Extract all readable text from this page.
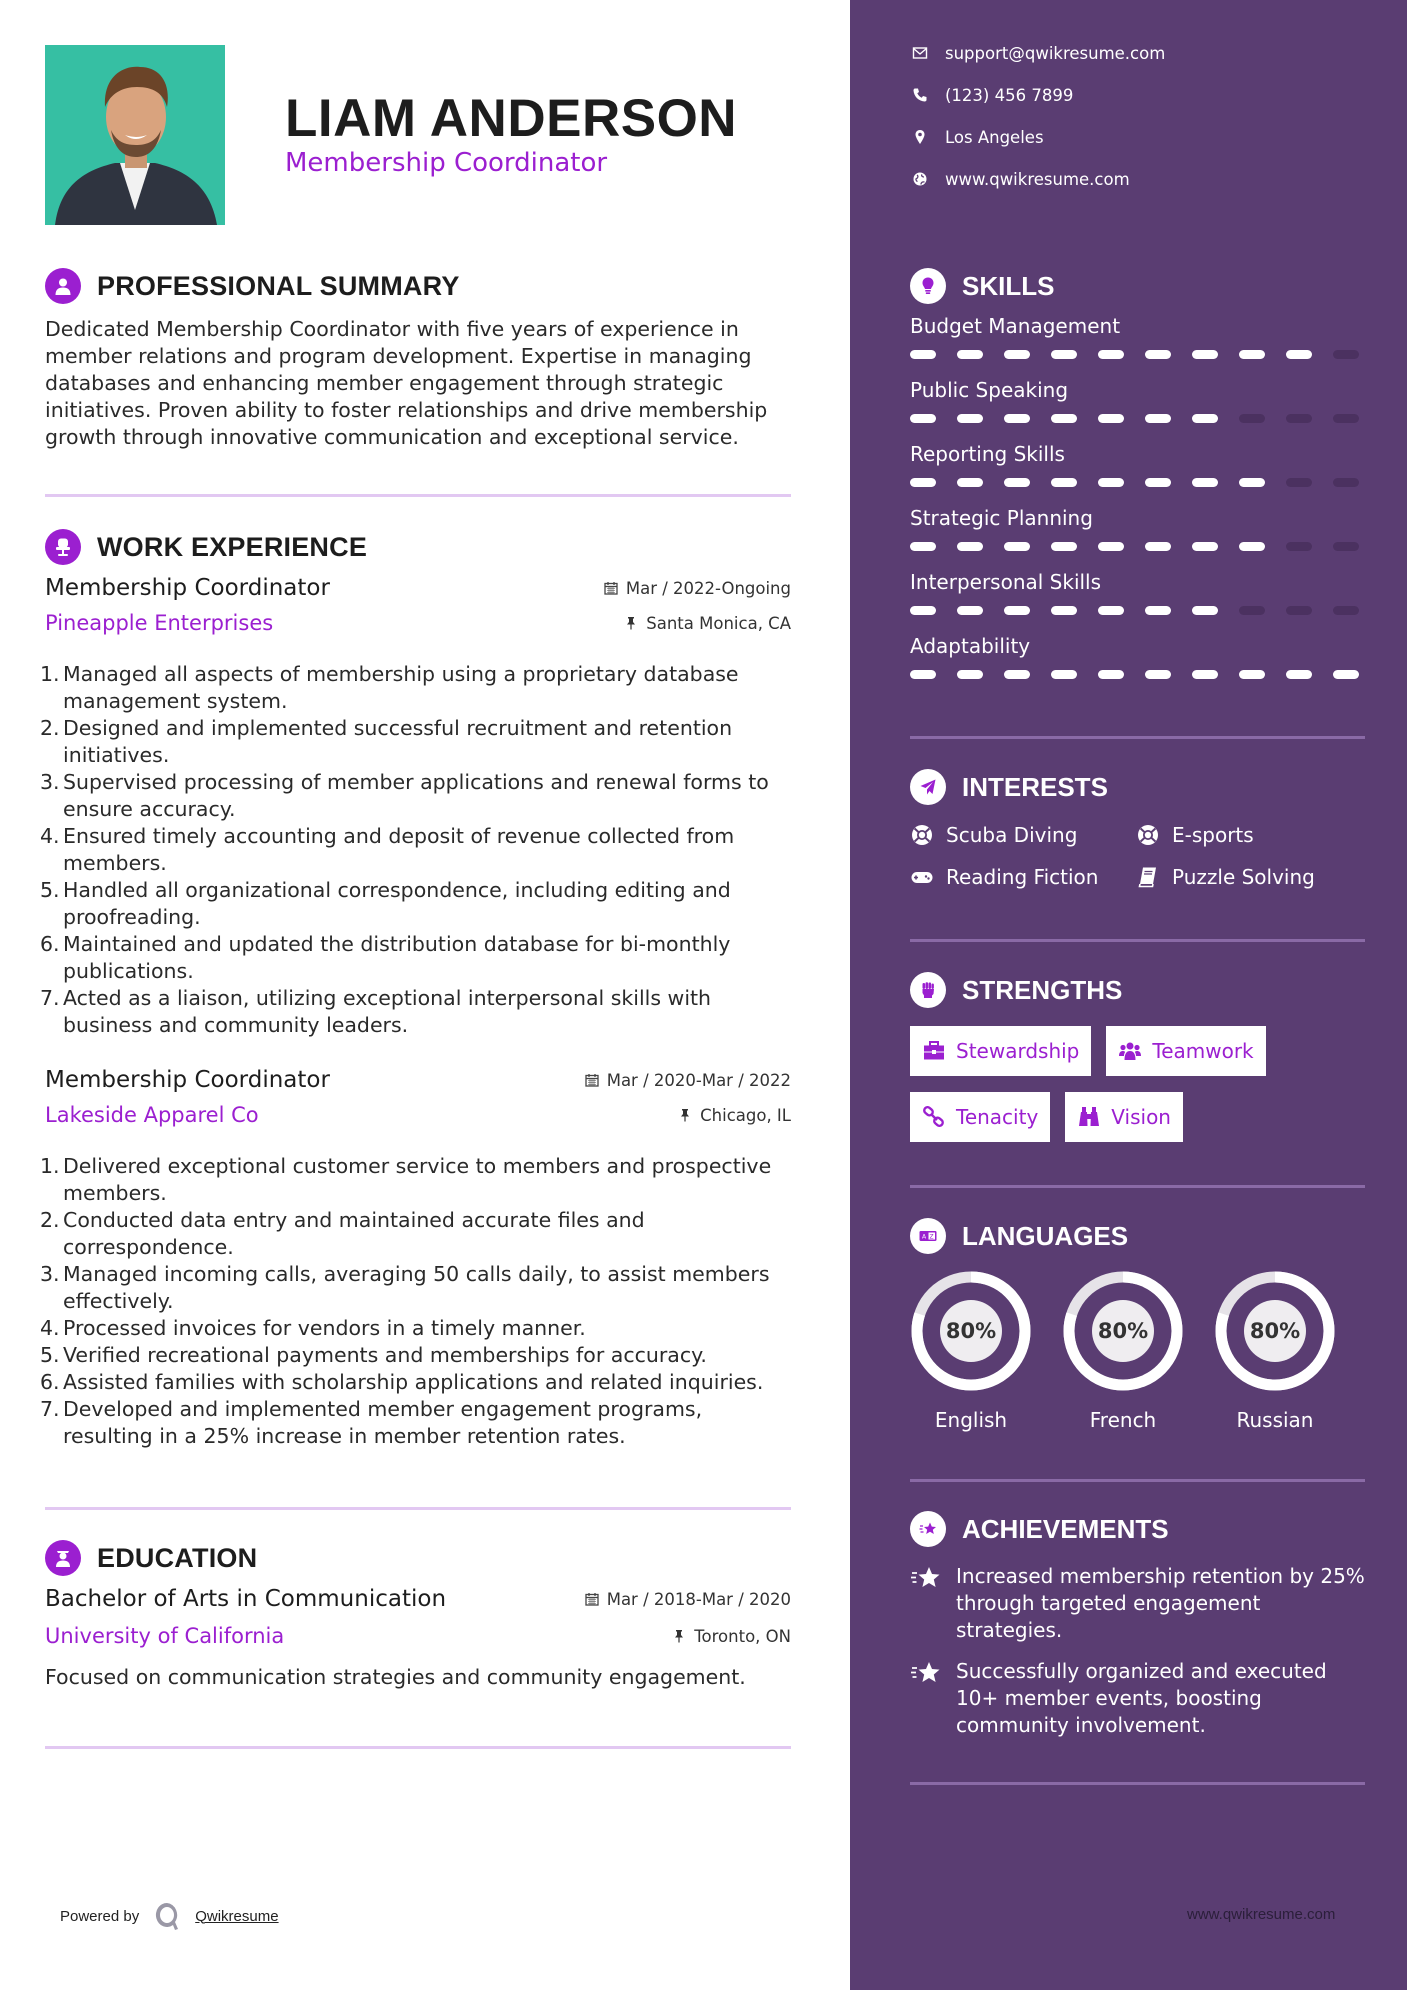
LIAM ANDERSON
Membership Coordinator
PROFESSIONAL SUMMARY

Dedicated Membership Coordinator with five years of experience in member relations and program development. Expertise in managing databases and enhancing member engagement through strategic initiatives. Proven ability to foster relationships and drive membership growth through innovative communication and exceptional service.

WORK EXPERIENCE
Membership Coordinator	Mar / 2022-Ongoing
Pineapple Enterprises	Santa Monica, CA
1. Managed all aspects of membership using a proprietary database management system.
2. Designed and implemented successful recruitment and retention initiatives.
3. Supervised processing of member applications and renewal forms to ensure accuracy.
4. Ensured timely accounting and deposit of revenue collected from members.
5. Handled all organizational correspondence, including editing and proofreading.
6. Maintained and updated the distribution database for bi-monthly publications.
7. Acted as a liaison, utilizing exceptional interpersonal skills with business and community leaders.
Membership Coordinator	Mar / 2020-Mar / 2022
Lakeside Apparel Co	Chicago, IL
1. Delivered exceptional customer service to members and prospective members.
2. Conducted data entry and maintained accurate files and correspondence.
3. Managed incoming calls, averaging 50 calls daily, to assist members effectively.
4. Processed invoices for vendors in a timely manner.
5. Verified recreational payments and memberships for accuracy.
6. Assisted families with scholarship applications and related inquiries.
7. Developed and implemented member engagement programs, resulting in a 25% increase in member retention rates.
EDUCATION
Bachelor of Arts in Communication	Mar / 2018-Mar / 2020
University of California	Toronto, ON

Focused on communication strategies and community engagement.

Powered by	Qwikresume
support@qwikresume.com
(123) 456 7899
Los Angeles
www.qwikresume.com
SKILLS
Budget Management
Public Speaking
Reporting Skills
Strategic Planning
Interpersonal Skills
Adaptability
INTERESTS
Scuba Diving	E-sports
Reading Fiction	Puzzle Solving
STRENGTHS
Stewardship	Teamwork
Tenacity	Vision
A Z LANGUAGES
80%
English
80%
French
80%
Russian
ACHIEVEMENTS
Increased membership retention by 25% through targeted engagement strategies.
Successfully organized and executed 10+ member events, boosting community involvement.
www.qwikresume.com
